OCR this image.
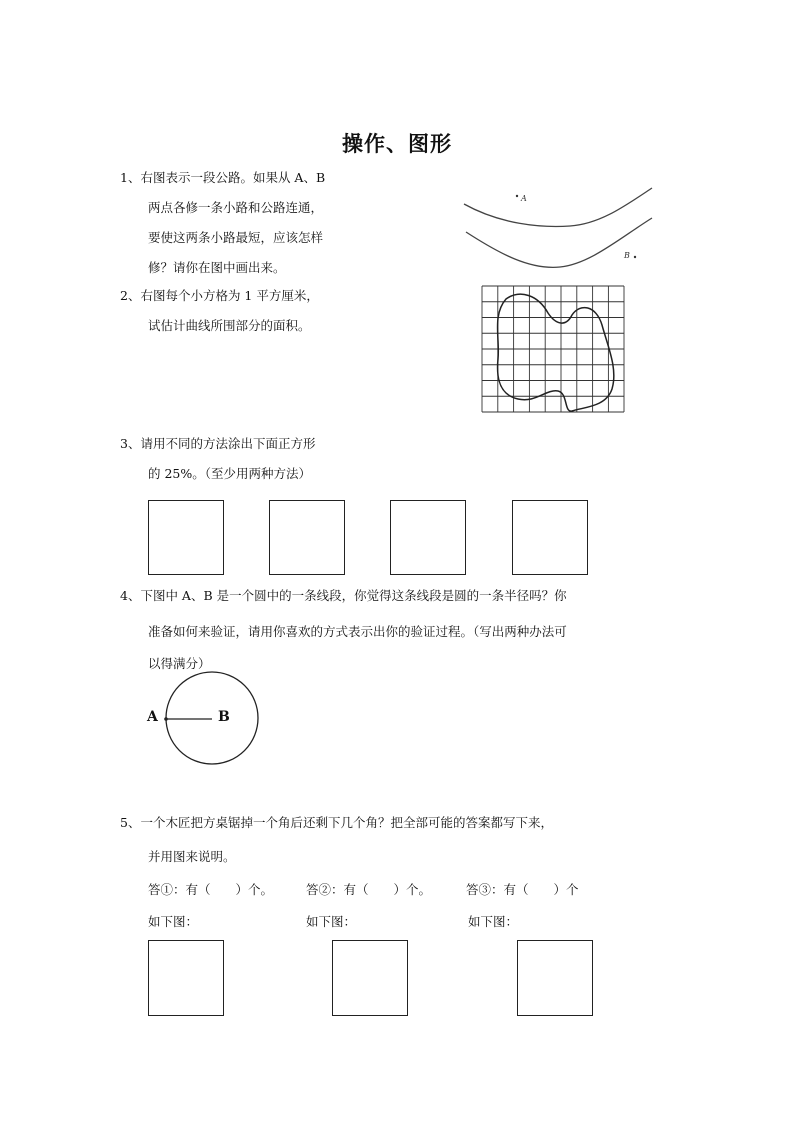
操作、图形
1、右图表示一段公路。如果从 A、B
两点各修一条小路和公路连通，
要使这两条小路最短，应该怎样
修？请你在图中画出来。
A
B
2、右图每个小方格为 1 平方厘米，
试估计曲线所围部分的面积。
3、请用不同的方法涂出下面正方形
的 25%。（至少用两种方法）
4、下图中 A、B 是一个圆中的一条线段，你觉得这条线段是圆的一条半径吗？你
准备如何来验证，请用你喜欢的方式表示出你的验证过程。（写出两种办法可
以得满分）
A	B
5、一个木匠把方桌锯掉一个角后还剩下几个角？把全部可能的答案都写下来，
并用图来说明。
答①：有（　　）个。	答②：有（　　）个。	答③：有（　　）个
如下图：	如下图：	如下图：
